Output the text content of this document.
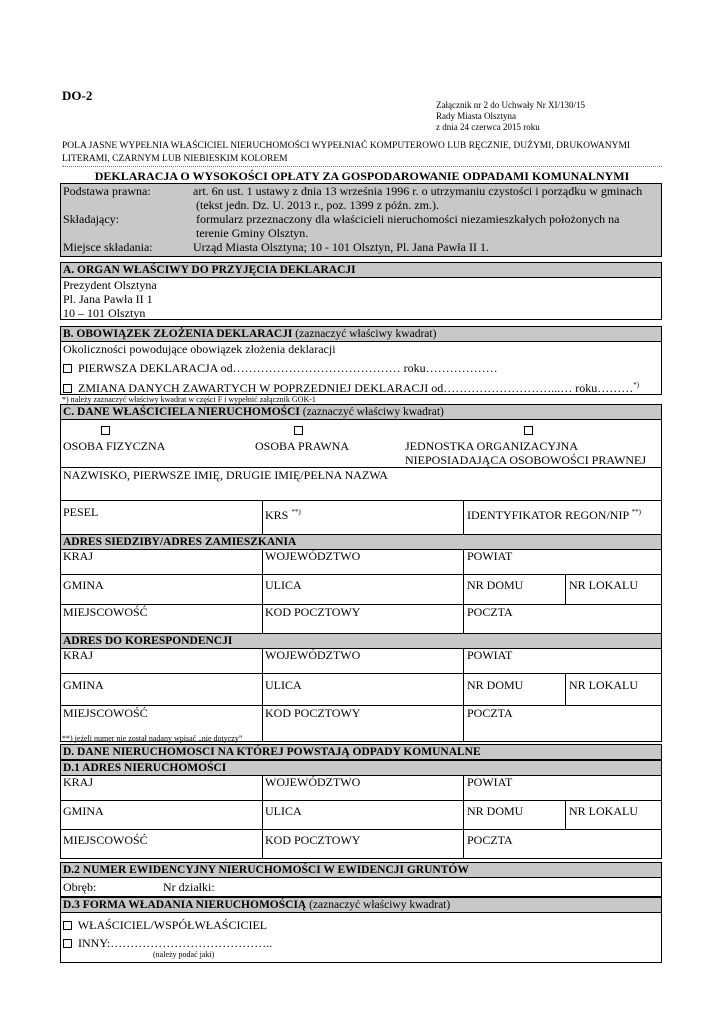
DO-2
Załącznik nr 2 do Uchwały Nr XI/130/15
Rady Miasta Olsztyna
z dnia 24 czerwca 2015 roku
POLA JASNE WYPEŁNIA WŁAŚCICIEL NIERUCHOMOŚCI WYPEŁNIAĆ KOMPUTEROWO LUB RĘCZNIE, DUŻYMI, DRUKOWANYMI LITERAMI, CZARNYM LUB NIEBIESKIM KOLOREM
DEKLARACJA O WYSOKOŚCI OPŁATY ZA GOSPODAROWANIE ODPADAMI KOMUNALNYMI
Podstawa prawna:	art. 6n ust. 1 ustawy z dnia 13 września 1996 r. o utrzymaniu czystości i porządku w gminach
(tekst jedn. Dz. U. 2013 r., poz. 1399 z późn. zm.).
Składający:	formularz przeznaczony dla właścicieli nieruchomości niezamieszkałych położonych na
terenie Gminy Olsztyn.
Miejsce składania:	Urząd Miasta Olsztyna; 10 - 101 Olsztyn, Pl. Jana Pawła II 1.
A. ORGAN WŁAŚCIWY DO PRZYJĘCIA DEKLARACJI
Prezydent Olsztyna
Pl. Jana Pawła II 1
10 – 101 Olsztyn
B. OBOWIĄZEK ZŁOŻENIA DEKLARACJI (zaznaczyć właściwy kwadrat)
Okoliczności powodujące obowiązek złożenia deklaracji
PIERWSZA DEKLARACJA od…………………………………… roku………………
ZMIANA DANYCH ZAWARTYCH W POPRZEDNIEJ DEKLARACJI od………………………...… roku………*)
*) należy zaznaczyć właściwy kwadrat w części F i wypełnić załącznik GOK-1
C. DANE WŁAŚCICIELA NIERUCHOMOŚCI (zaznaczyć właściwy kwadrat)
OSOBA FIZYCZNA	OSOBA PRAWNA	JEDNOSTKA ORGANIZACYJNA
NIEPOSIADAJĄCA OSOBOWOŚCI PRAWNEJ
NAZWISKO, PIERWSZE IMIĘ, DRUGIE IMIĘ/PEŁNA NAZWA
PESEL	KRS **)	IDENTYFIKATOR REGON/NIP **)
ADRES SIEDZIBY/ADRES ZAMIESZKANIA
KRAJ	WOJEWÓDZTWO	POWIAT
GMINA	ULICA	NR DOMU	NR LOKALU
MIEJSCOWOŚĆ	KOD POCZTOWY	POCZTA
ADRES DO KORESPONDENCJI
KRAJ	WOJEWÓDZTWO	POWIAT
GMINA	ULICA	NR DOMU	NR LOKALU
MIEJSCOWOŚĆ	KOD POCZTOWY	POCZTA
**) jeżeli numer nie został nadany wpisać „nie dotyczy”
D. DANE NIERUCHOMOSCI NA KTÓREJ POWSTAJĄ ODPADY KOMUNALNE
D.1 ADRES NIERUCHOMOŚCI
KRAJ	WOJEWÓDZTWO	POWIAT
GMINA	ULICA	NR DOMU	NR LOKALU
MIEJSCOWOŚĆ	KOD POCZTOWY	POCZTA
D.2 NUMER EWIDENCYJNY NIERUCHOMOŚCI W EWIDENCJI GRUNTÓW
Obręb:	Nr działki:
D.3 FORMA WŁADANIA NIERUCHOMOŚCIĄ (zaznaczyć właściwy kwadrat)
WŁAŚCICIEL/WSPÓŁWŁAŚCICIEL
INNY:…………………………………..
(należy podać jaki)
